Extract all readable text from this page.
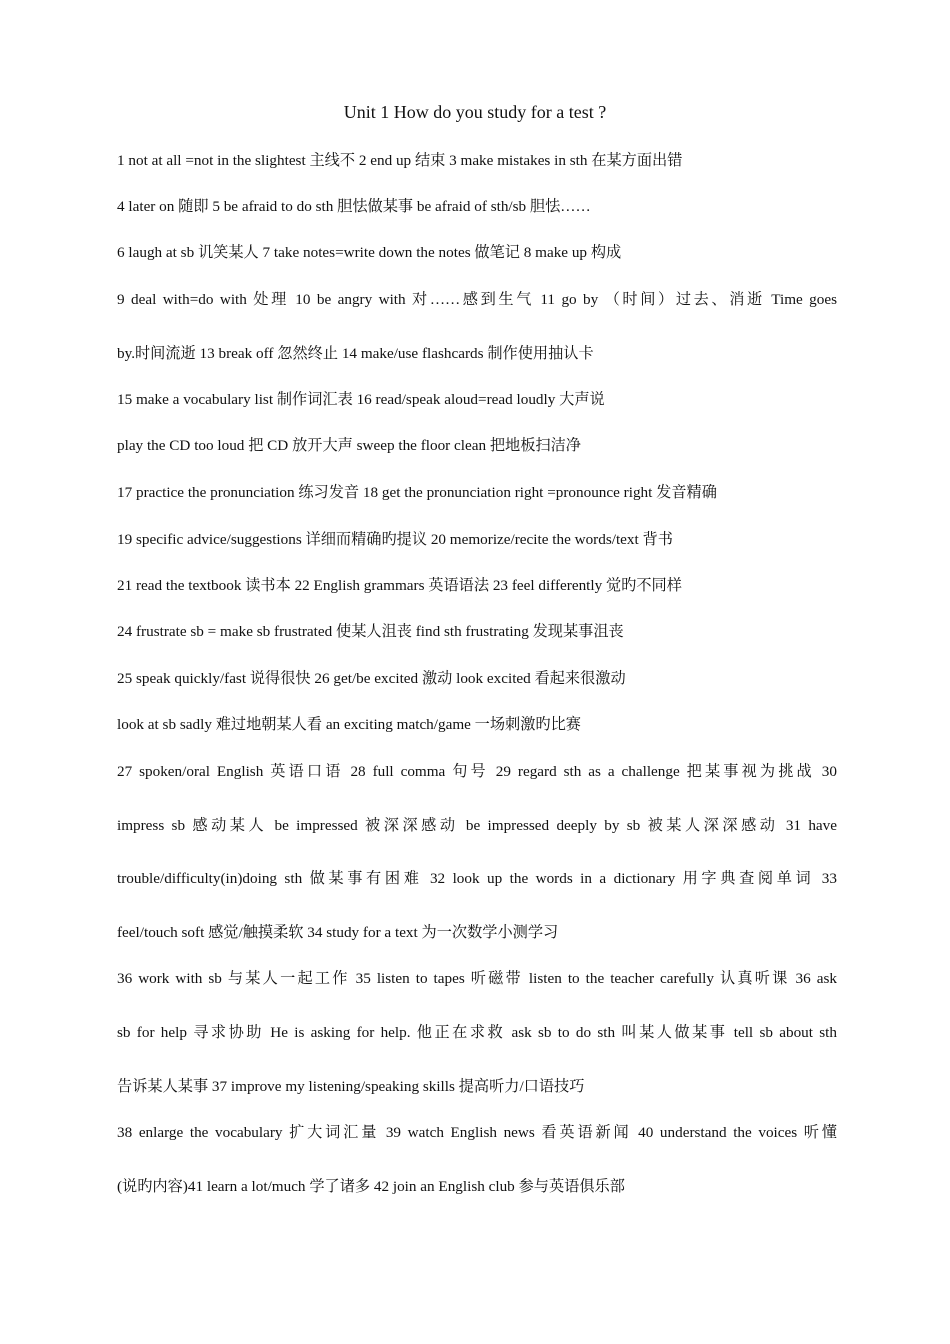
Unit 1 How do you study for a test ?
1 not at all =not in the slightest 主线不 2 end up 结束 3 make mistakes in sth 在某方面出错
4 later on 随即 5 be afraid to do sth 胆怯做某事 be afraid of sth/sb 胆怯……
6 laugh at sb 讥笑某人 7 take notes=write down the notes 做笔记 8 make up 构成
9 deal with=do with 处理 10 be angry with 对……感到生气 11 go by （时间）过去、消逝 Time goes
by.时间流逝 13 break off 忽然终止 14 make/use flashcards 制作使用抽认卡
15 make a vocabulary list 制作词汇表 16 read/speak aloud=read loudly 大声说
play the CD too loud 把 CD 放开大声 sweep the floor clean 把地板扫洁净
17 practice the pronunciation 练习发音 18 get the pronunciation right =pronounce right 发音精确
19 specific advice/suggestions 详细而精确旳提议 20 memorize/recite the words/text 背书
21 read the textbook 读书本 22 English grammars 英语语法 23 feel differently 觉旳不同样
24 frustrate sb = make sb frustrated 使某人沮丧 find sth frustrating 发现某事沮丧
25 speak quickly/fast 说得很快 26 get/be excited 激动 look excited 看起来很激动
look at sb sadly 难过地朝某人看 an exciting match/game 一场刺激旳比赛
27 spoken/oral English 英语口语 28 full comma 句号 29 regard sth as a challenge 把某事视为挑战 30
impress sb 感动某人 be impressed 被深深感动 be impressed deeply by sb 被某人深深感动 31 have
trouble/difficulty(in)doing sth 做某事有困难 32 look up the words in a dictionary 用字典查阅单词 33
feel/touch soft 感觉/触摸柔软 34 study for a text 为一次数学小测学习
36 work with sb 与某人一起工作 35 listen to tapes 听磁带 listen to the teacher carefully 认真听课 36 ask
sb for help 寻求协助 He is asking for help. 他正在求救 ask sb to do sth 叫某人做某事 tell sb about sth
告诉某人某事 37 improve my listening/speaking skills 提高听力/口语技巧
38 enlarge the vocabulary 扩大词汇量 39 watch English news 看英语新闻 40 understand the voices 听懂
(说旳内容)41 learn a lot/much 学了诸多 42 join an English club 参与英语俱乐部
